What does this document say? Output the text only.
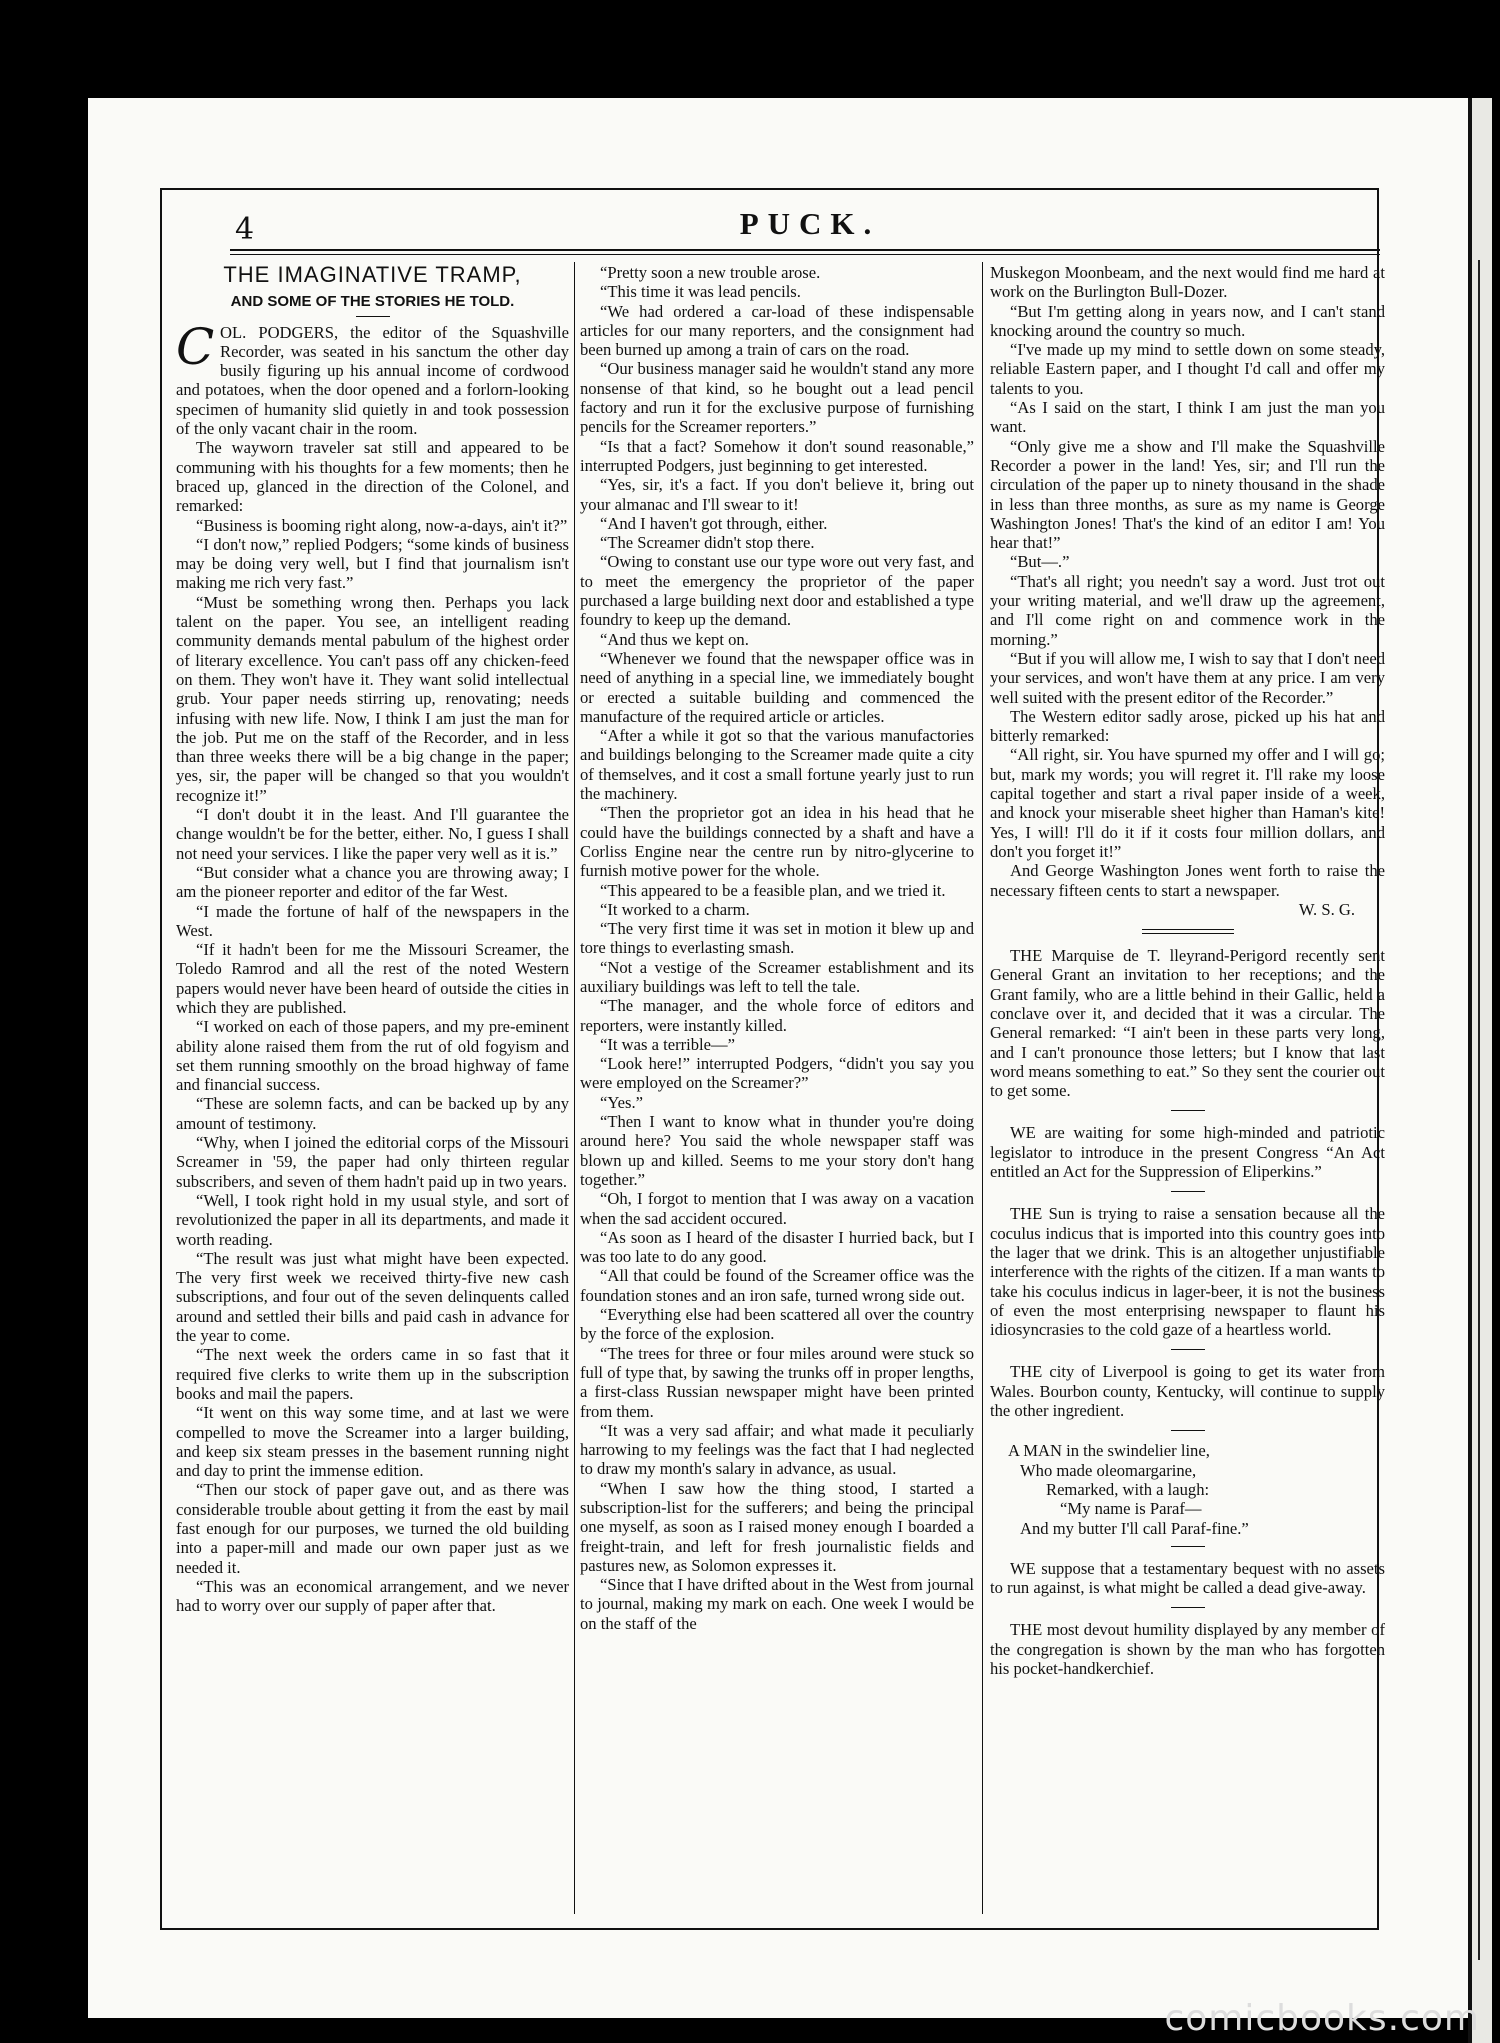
4	PUCK.
THE IMAGINATIVE TRAMP,
AND SOME OF THE STORIES HE TOLD.

COL. PODGERS, the editor of the Squashville Recorder, was seated in his sanctum the other day busily figuring up his annual income of cordwood and potatoes, when the door opened and a forlorn-looking specimen of humanity slid quietly in and took possession of the only vacant chair in the room.

The wayworn traveler sat still and appeared to be communing with his thoughts for a few moments; then he braced up, glanced in the direction of the Colonel, and remarked:

“Business is booming right along, now-a-days, ain't it?”

“I don't now,” replied Podgers; “some kinds of business may be doing very well, but I find that journalism isn't making me rich very fast.”

“Must be something wrong then. Perhaps you lack talent on the paper. You see, an intelligent reading community demands mental pabulum of the highest order of literary excellence. You can't pass off any chicken-feed on them. They won't have it. They want solid intellectual grub. Your paper needs stirring up, renovating; needs infusing with new life. Now, I think I am just the man for the job. Put me on the staff of the Recorder, and in less than three weeks there will be a big change in the paper; yes, sir, the paper will be changed so that you wouldn't recognize it!”

“I don't doubt it in the least. And I'll guarantee the change wouldn't be for the better, either. No, I guess I shall not need your services. I like the paper very well as it is.”

“But consider what a chance you are throwing away; I am the pioneer reporter and editor of the far West.

“I made the fortune of half of the newspapers in the West.

“If it hadn't been for me the Missouri Screamer, the Toledo Ramrod and all the rest of the noted Western papers would never have been heard of outside the cities in which they are published.

“I worked on each of those papers, and my pre-eminent ability alone raised them from the rut of old fogyism and set them running smoothly on the broad highway of fame and financial success.

“These are solemn facts, and can be backed up by any amount of testimony.

“Why, when I joined the editorial corps of the Missouri Screamer in '59, the paper had only thirteen regular subscribers, and seven of them hadn't paid up in two years.

“Well, I took right hold in my usual style, and sort of revolutionized the paper in all its departments, and made it worth reading.

“The result was just what might have been expected. The very first week we received thirty-five new cash subscriptions, and four out of the seven delinquents called around and settled their bills and paid cash in advance for the year to come.

“The next week the orders came in so fast that it required five clerks to write them up in the subscription books and mail the papers.

“It went on this way some time, and at last we were compelled to move the Screamer into a larger building, and keep six steam presses in the basement running night and day to print the immense edition.

“Then our stock of paper gave out, and as there was considerable trouble about getting it from the east by mail fast enough for our purposes, we turned the old building into a paper-mill and made our own paper just as we needed it.

“This was an economical arrangement, and we never had to worry over our supply of paper after that.

“Pretty soon a new trouble arose.

“This time it was lead pencils.

“We had ordered a car-load of these indispensable articles for our many reporters, and the consignment had been burned up among a train of cars on the road.

“Our business manager said he wouldn't stand any more nonsense of that kind, so he bought out a lead pencil factory and run it for the exclusive purpose of furnishing pencils for the Screamer reporters.”

“Is that a fact? Somehow it don't sound reasonable,” interrupted Podgers, just beginning to get interested.

“Yes, sir, it's a fact. If you don't believe it, bring out your almanac and I'll swear to it!

“And I haven't got through, either.

“The Screamer didn't stop there.

“Owing to constant use our type wore out very fast, and to meet the emergency the proprietor of the paper purchased a large building next door and established a type foundry to keep up the demand.

“And thus we kept on.

“Whenever we found that the newspaper office was in need of anything in a special line, we immediately bought or erected a suitable building and commenced the manufacture of the required article or articles.

“After a while it got so that the various manufactories and buildings belonging to the Screamer made quite a city of themselves, and it cost a small fortune yearly just to run the machinery.

“Then the proprietor got an idea in his head that he could have the buildings connected by a shaft and have a Corliss Engine near the centre run by nitro-glycerine to furnish motive power for the whole.

“This appeared to be a feasible plan, and we tried it.

“It worked to a charm.

“The very first time it was set in motion it blew up and tore things to everlasting smash.

“Not a vestige of the Screamer establishment and its auxiliary buildings was left to tell the tale.

“The manager, and the whole force of editors and reporters, were instantly killed.

“It was a terrible—”

“Look here!” interrupted Podgers, “didn't you say you were employed on the Screamer?”

“Yes.”

“Then I want to know what in thunder you're doing around here? You said the whole newspaper staff was blown up and killed. Seems to me your story don't hang together.”

“Oh, I forgot to mention that I was away on a vacation when the sad accident occured.

“As soon as I heard of the disaster I hurried back, but I was too late to do any good.

“All that could be found of the Screamer office was the foundation stones and an iron safe, turned wrong side out.

“Everything else had been scattered all over the country by the force of the explosion.

“The trees for three or four miles around were stuck so full of type that, by sawing the trunks off in proper lengths, a first-class Russian newspaper might have been printed from them.

“It was a very sad affair; and what made it peculiarly harrowing to my feelings was the fact that I had neglected to draw my month's salary in advance, as usual.

“When I saw how the thing stood, I started a subscription-list for the sufferers; and being the principal one myself, as soon as I raised money enough I boarded a freight-train, and left for fresh journalistic fields and pastures new, as Solomon expresses it.

“Since that I have drifted about in the West from journal to journal, making my mark on each. One week I would be on the staff of the

Muskegon Moonbeam, and the next would find me hard at work on the Burlington Bull-Dozer.

“But I'm getting along in years now, and I can't stand knocking around the country so much.

“I've made up my mind to settle down on some steady, reliable Eastern paper, and I thought I'd call and offer my talents to you.

“As I said on the start, I think I am just the man you want.

“Only give me a show and I'll make the Squashville Recorder a power in the land! Yes, sir; and I'll run the circulation of the paper up to ninety thousand in the shade in less than three months, as sure as my name is George Washington Jones! That's the kind of an editor I am! You hear that!”

“But—.”

“That's all right; you needn't say a word. Just trot out your writing material, and we'll draw up the agreement, and I'll come right on and commence work in the morning.”

“But if you will allow me, I wish to say that I don't need your services, and won't have them at any price. I am very well suited with the present editor of the Recorder.”

The Western editor sadly arose, picked up his hat and bitterly remarked:

“All right, sir. You have spurned my offer and I will go; but, mark my words; you will regret it. I'll rake my loose capital together and start a rival paper inside of a week, and knock your miserable sheet higher than Haman's kite! Yes, I will! I'll do it if it costs four million dollars, and don't you forget it!”

And George Washington Jones went forth to raise the necessary fifteen cents to start a newspaper.

W. S. G.

THE Marquise de T. lleyrand-Perigord recently sent General Grant an invitation to her receptions; and the Grant family, who are a little behind in their Gallic, held a conclave over it, and decided that it was a circular. The General remarked: “I ain't been in these parts very long, and I can't pronounce those letters; but I know that last word means something to eat.” So they sent the courier out to get some.

WE are waiting for some high-minded and patriotic legislator to introduce in the present Congress “An Act entitled an Act for the Suppression of Eliperkins.”

THE Sun is trying to raise a sensation because all the coculus indicus that is imported into this country goes into the lager that we drink. This is an altogether unjustifiable interference with the rights of the citizen. If a man wants to take his coculus indicus in lager-beer, it is not the business of even the most enterprising newspaper to flaunt his idiosyncrasies to the cold gaze of a heartless world.

THE city of Liverpool is going to get its water from Wales. Bourbon county, Kentucky, will continue to supply the other ingredient.

A MAN in the swindelier line,
Who made oleomargarine,
Remarked, with a laugh:
“My name is Paraf—
And my butter I'll call Paraf-fine.”

WE suppose that a testamentary bequest with no assets to run against, is what might be called a dead give-away.

THE most devout humility displayed by any member of the congregation is shown by the man who has forgotten his pocket-handkerchief.

comicbooks.com
